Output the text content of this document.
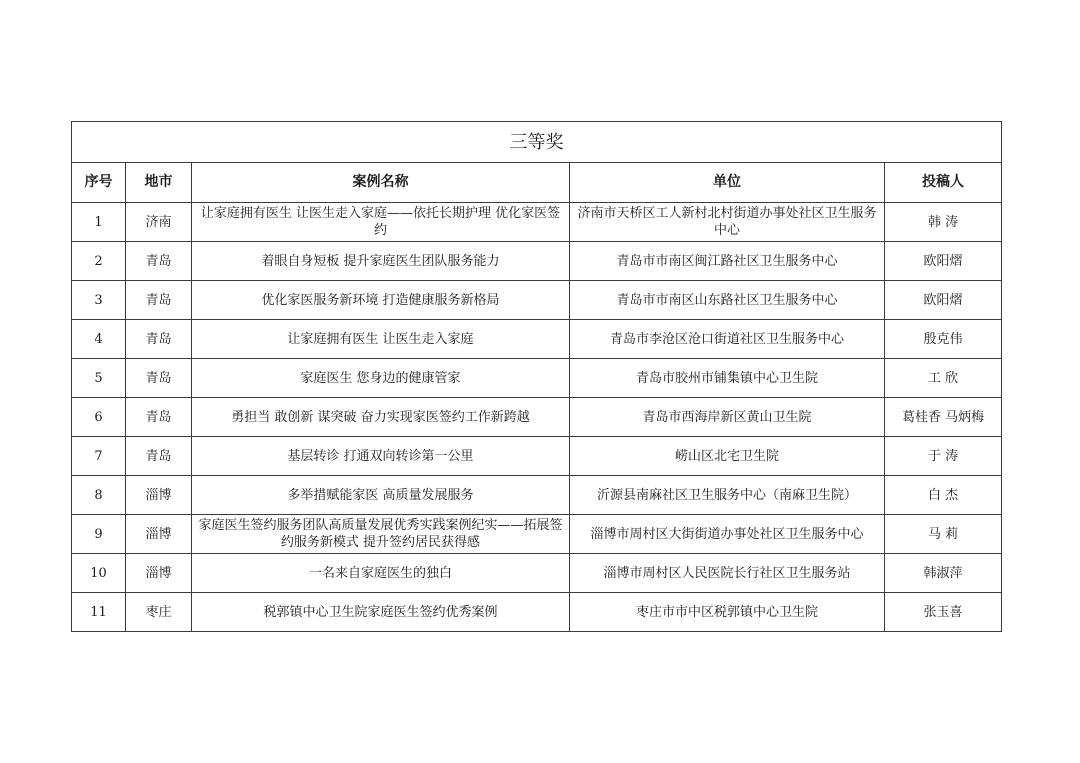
三等奖				
序号	地市	案例名称	单位	投稿人
1	济南	让家庭拥有医生 让医生走入家庭——依托长期护理 优化家医签约	济南市天桥区工人新村北村街道办事处社区卫生服务中心	韩 涛
2	青岛	着眼自身短板 提升家庭医生团队服务能力	青岛市市南区闽江路社区卫生服务中心	欧阳熠
3	青岛	优化家医服务新环境 打造健康服务新格局	青岛市市南区山东路社区卫生服务中心	欧阳熠
4	青岛	让家庭拥有医生 让医生走入家庭	青岛市李沧区沧口街道社区卫生服务中心	殷克伟
5	青岛	家庭医生 您身边的健康管家	青岛市胶州市铺集镇中心卫生院	工 欣
6	青岛	勇担当 敢创新 谋突破 奋力实现家医签约工作新跨越	青岛市西海岸新区黄山卫生院	葛桂香 马炳梅
7	青岛	基层转诊 打通双向转诊第一公里	崂山区北宅卫生院	于 涛
8	淄博	多举措赋能家医 高质量发展服务	沂源县南麻社区卫生服务中心（南麻卫生院）	白 杰
9	淄博	家庭医生签约服务团队高质量发展优秀实践案例纪实——拓展签约服务新模式 提升签约居民获得感	淄博市周村区大街街道办事处社区卫生服务中心	马 莉
10	淄博	一名来自家庭医生的独白	淄博市周村区人民医院长行社区卫生服务站	韩淑萍
11	枣庄	税郭镇中心卫生院家庭医生签约优秀案例	枣庄市市中区税郭镇中心卫生院	张玉喜
